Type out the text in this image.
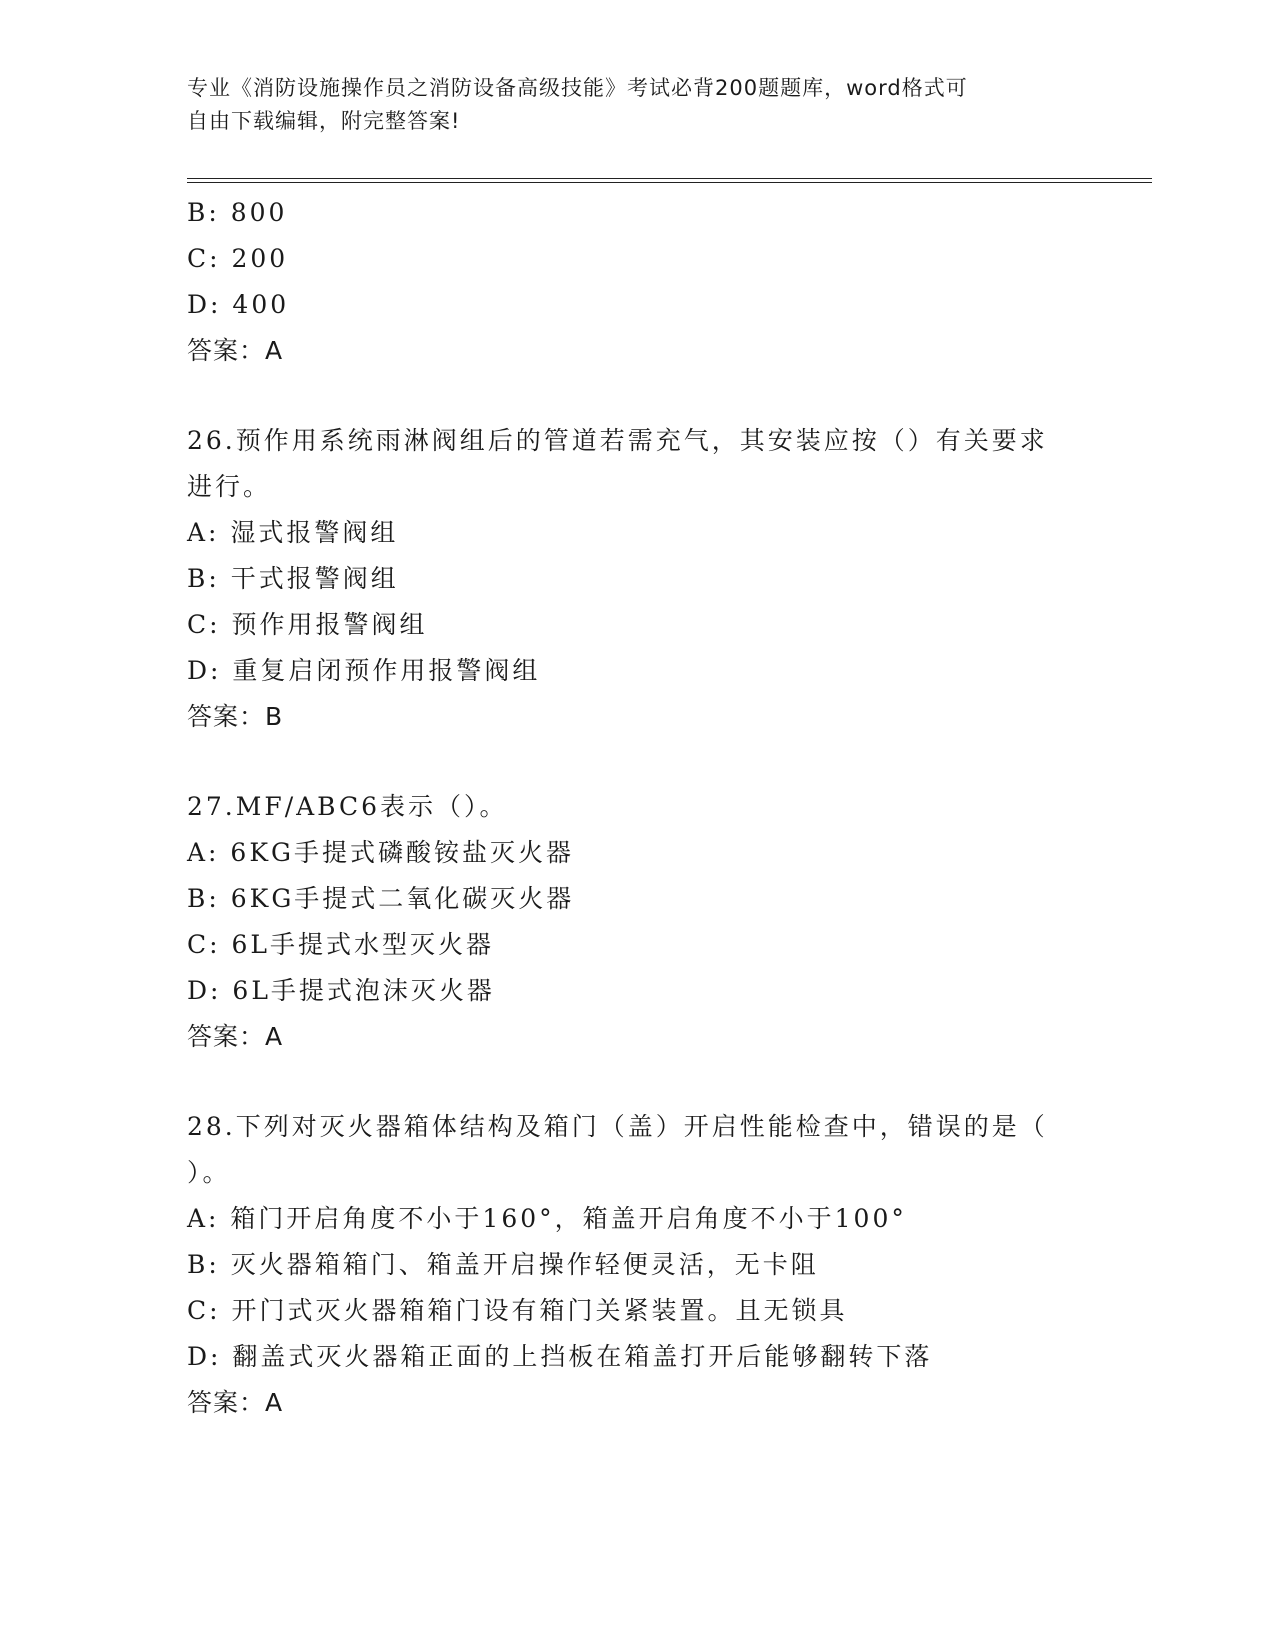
专业《消防设施操作员之消防设备高级技能》考试必背200题题库，word格式可
自由下载编辑，附完整答案!
B: 800
C: 200
D: 400
答案：A
26.预作用系统雨淋阀组后的管道若需充气，其安装应按（）有关要求
进行。
A: 湿式报警阀组
B: 干式报警阀组
C: 预作用报警阀组
D: 重复启闭预作用报警阀组
答案：B
27.MF/ABC6表示（）。
A: 6KG手提式磷酸铵盐灭火器
B: 6KG手提式二氧化碳灭火器
C: 6L手提式水型灭火器
D: 6L手提式泡沫灭火器
答案：A
28.下列对灭火器箱体结构及箱门（盖）开启性能检查中，错误的是（
）。
A: 箱门开启角度不小于160°，箱盖开启角度不小于100°
B: 灭火器箱箱门、箱盖开启操作轻便灵活，无卡阻
C: 开门式灭火器箱箱门设有箱门关紧装置。且无锁具
D: 翻盖式灭火器箱正面的上挡板在箱盖打开后能够翻转下落
答案：A
